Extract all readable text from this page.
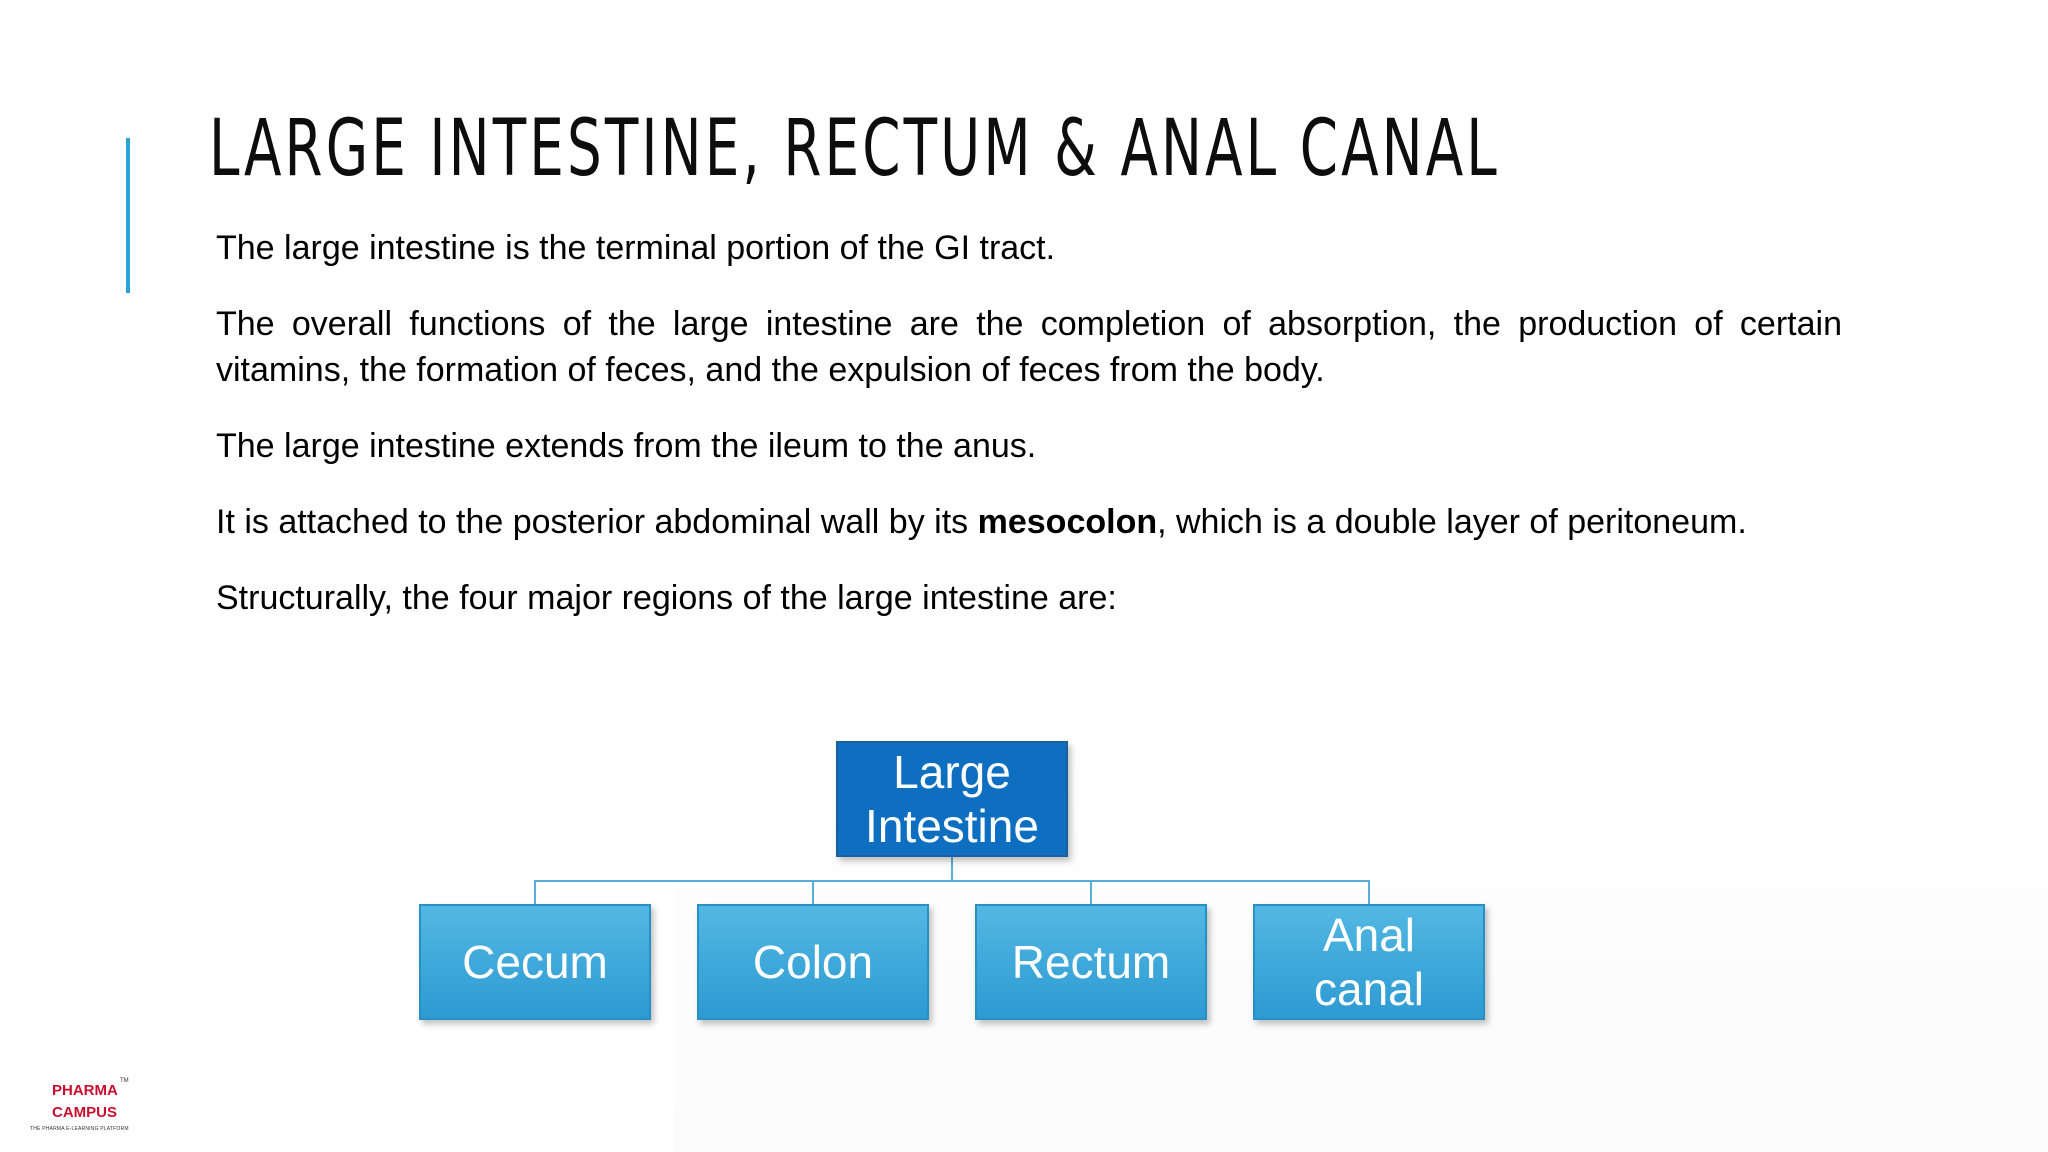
LARGE INTESTINE, RECTUM & ANAL CANAL

The large intestine is the terminal portion of the GI tract.

The overall functions of the large intestine are the completion of absorption, the production of certain vitamins, the formation of feces, and the expulsion of feces from the body.

The large intestine extends from the ileum to the anus.

It is attached to the posterior abdominal wall by its mesocolon, which is a double layer of peritoneum.

Structurally, the four major regions of the large intestine are:

Large Intestine
Cecum	Colon	Rectum
Anal canal
PHARMA
TM
CAMPUS
THE PHARMA E-LEARNING PLATFORM
